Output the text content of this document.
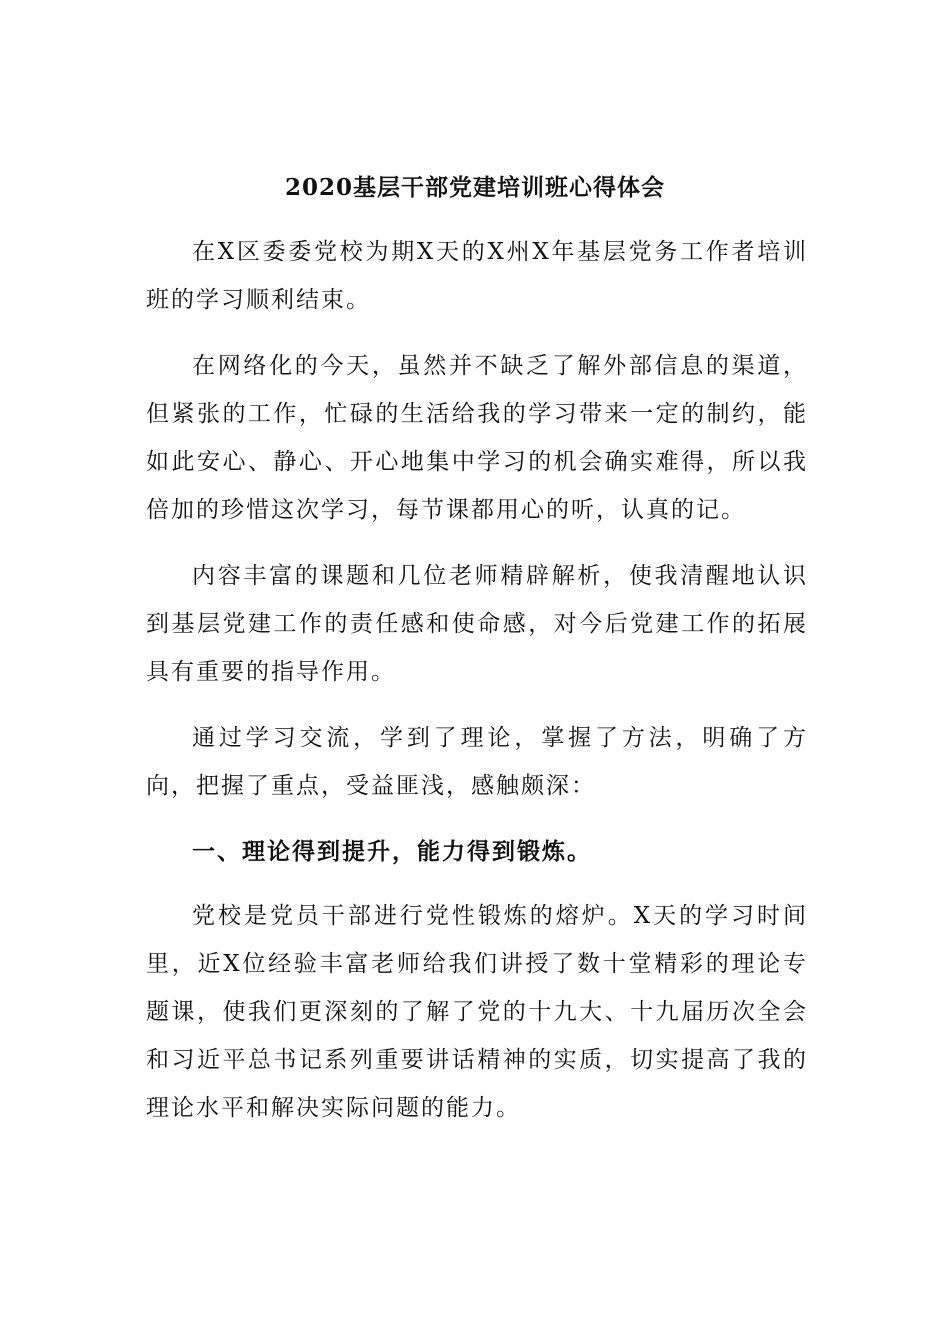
2020基层干部党建培训班心得体会

在X区委委党校为期X天的X州X年基层党务工作者培训班的学习顺利结束。

在网络化的今天，虽然并不缺乏了解外部信息的渠道，但紧张的工作，忙碌的生活给我的学习带来一定的制约，能如此安心、静心、开心地集中学习的机会确实难得，所以我倍加的珍惜这次学习，每节课都用心的听，认真的记。

内容丰富的课题和几位老师精辟解析，使我清醒地认识到基层党建工作的责任感和使命感，对今后党建工作的拓展具有重要的指导作用。

通过学习交流，学到了理论，掌握了方法，明确了方向，把握了重点，受益匪浅，感触颇深：

一、理论得到提升，能力得到锻炼。

党校是党员干部进行党性锻炼的熔炉。X天的学习时间里，近X位经验丰富老师给我们讲授了数十堂精彩的理论专题课，使我们更深刻的了解了党的十九大、十九届历次全会和习近平总书记系列重要讲话精神的实质，切实提高了我的理论水平和解决实际问题的能力。
